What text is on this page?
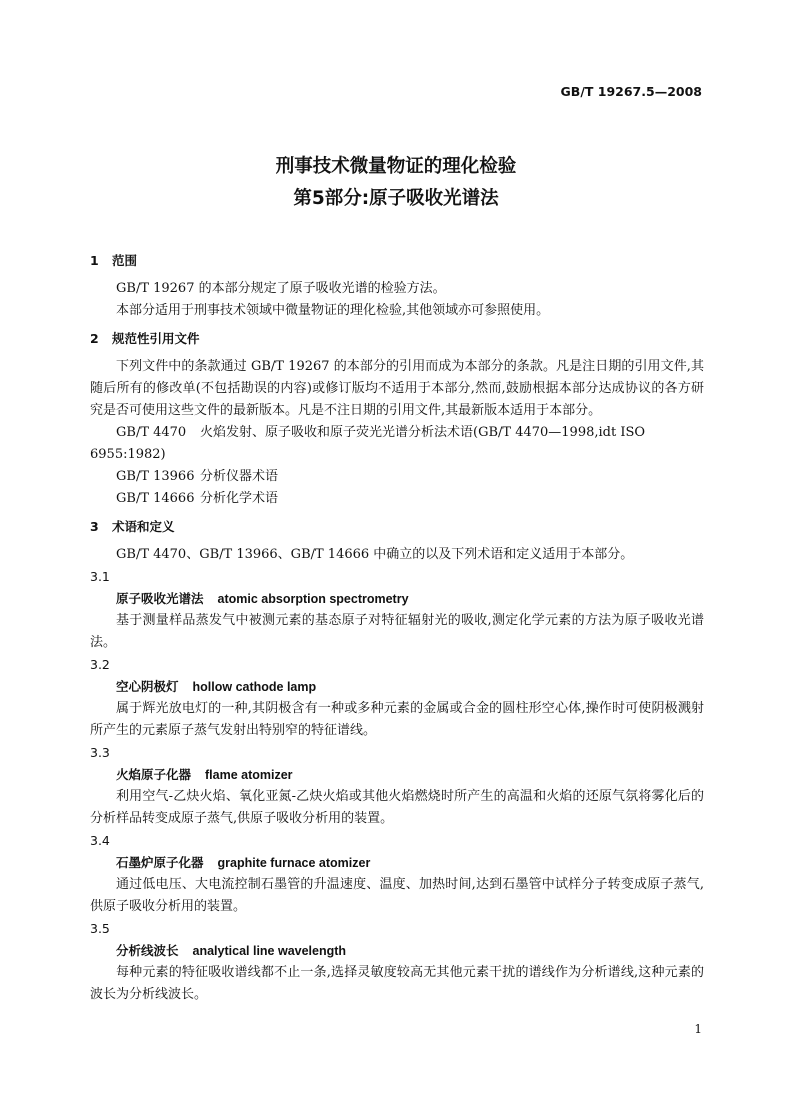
GB/T 19267.5—2008
刑事技术微量物证的理化检验
第5部分:原子吸收光谱法
1 范围

GB/T 19267 的本部分规定了原子吸收光谱的检验方法。

本部分适用于刑事技术领域中微量物证的理化检验,其他领域亦可参照使用。

2 规范性引用文件

下列文件中的条款通过 GB/T 19267 的本部分的引用而成为本部分的条款。凡是注日期的引用文件,其随后所有的修改单(不包括勘误的内容)或修订版均不适用于本部分,然而,鼓励根据本部分达成协议的各方研究是否可使用这些文件的最新版本。凡是不注日期的引用文件,其最新版本适用于本部分。

GB/T 4470 火焰发射、原子吸收和原子荧光光谱分析法术语(GB/T 4470—1998,idt ISO 6955:1982)

GB/T 13966 分析仪器术语

GB/T 14666 分析化学术语

3 术语和定义

GB/T 4470、GB/T 13966、GB/T 14666 中确立的以及下列术语和定义适用于本部分。

3.1

原子吸收光谱法 atomic absorption spectrometry

基于测量样品蒸发气中被测元素的基态原子对特征辐射光的吸收,测定化学元素的方法为原子吸收光谱法。

3.2

空心阴极灯 hollow cathode lamp

属于辉光放电灯的一种,其阴极含有一种或多种元素的金属或合金的圆柱形空心体,操作时可使阴极溅射所产生的元素原子蒸气发射出特别窄的特征谱线。

3.3

火焰原子化器 flame atomizer

利用空气-乙炔火焰、氧化亚氮-乙炔火焰或其他火焰燃烧时所产生的高温和火焰的还原气氛将雾化后的分析样品转变成原子蒸气,供原子吸收分析用的装置。

3.4

石墨炉原子化器 graphite furnace atomizer

通过低电压、大电流控制石墨管的升温速度、温度、加热时间,达到石墨管中试样分子转变成原子蒸气,供原子吸收分析用的装置。

3.5

分析线波长 analytical line wavelength

每种元素的特征吸收谱线都不止一条,选择灵敏度较高无其他元素干扰的谱线作为分析谱线,这种元素的波长为分析线波长。

1
